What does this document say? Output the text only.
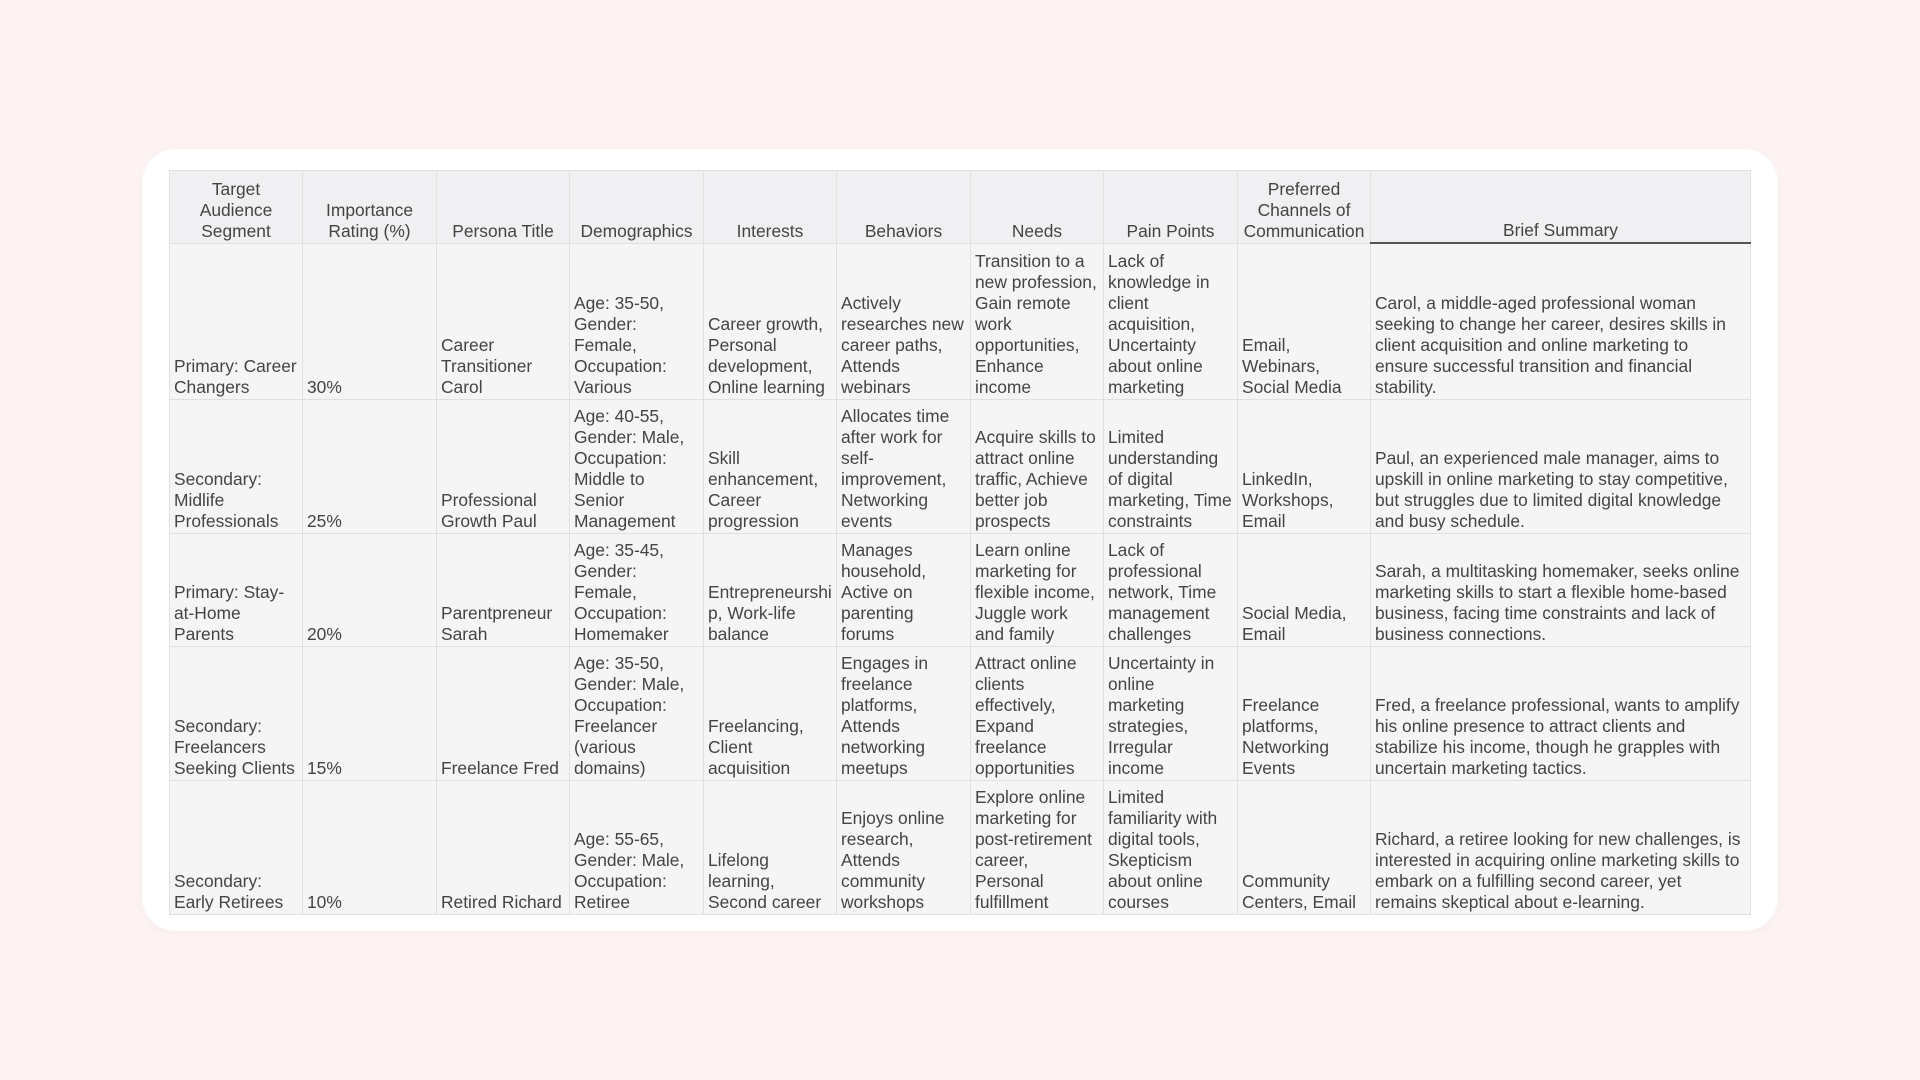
Target Audience Segment	Importance Rating (%)	Persona Title	Demographics	Interests	Behaviors	Needs	Pain Points	Preferred Channels of Communication	Brief Summary
Primary: Career Changers	30%	Career Transitioner Carol	Age: 35-50, Gender: Female, Occupation: Various	Career growth, Personal development, Online learning	Actively researches new career paths, Attends webinars	Transition to a new profession, Gain remote work opportunities, Enhance income	Lack of knowledge in client acquisition, Uncertainty about online marketing	Email, Webinars, Social Media	Carol, a middle-aged professional woman seeking to change her career, desires skills in client acquisition and online marketing to ensure successful transition and financial stability.
Secondary: Midlife Professionals	25%	Professional Growth Paul	Age: 40-55, Gender: Male, Occupation: Middle to Senior Management	Skill enhancement, Career progression	Allocates time after work for self-improvement, Networking events	Acquire skills to attract online traffic, Achieve better job prospects	Limited understanding of digital marketing, Time constraints	LinkedIn, Workshops, Email	Paul, an experienced male manager, aims to upskill in online marketing to stay competitive, but struggles due to limited digital knowledge and busy schedule.
Primary: Stay-at-Home Parents	20%	Parentpreneur Sarah	Age: 35-45, Gender: Female, Occupation: Homemaker	Entrepreneurship, Work-life balance	Manages household, Active on parenting forums	Learn online marketing for flexible income, Juggle work and family	Lack of professional network, Time management challenges	Social Media, Email	Sarah, a multitasking homemaker, seeks online marketing skills to start a flexible home-based business, facing time constraints and lack of business connections.
Secondary: Freelancers Seeking Clients	15%	Freelance Fred	Age: 35-50, Gender: Male, Occupation: Freelancer (various domains)	Freelancing, Client acquisition	Engages in freelance platforms, Attends networking meetups	Attract online clients effectively, Expand freelance opportunities	Uncertainty in online marketing strategies, Irregular income	Freelance platforms, Networking Events	Fred, a freelance professional, wants to amplify his online presence to attract clients and stabilize his income, though he grapples with uncertain marketing tactics.
Secondary: Early Retirees	10%	Retired Richard	Age: 55-65, Gender: Male, Occupation: Retiree	Lifelong learning, Second career	Enjoys online research, Attends community workshops	Explore online marketing for post-retirement career, Personal fulfillment	Limited familiarity with digital tools, Skepticism about online courses	Community Centers, Email	Richard, a retiree looking for new challenges, is interested in acquiring online marketing skills to embark on a fulfilling second career, yet remains skeptical about e-learning.
